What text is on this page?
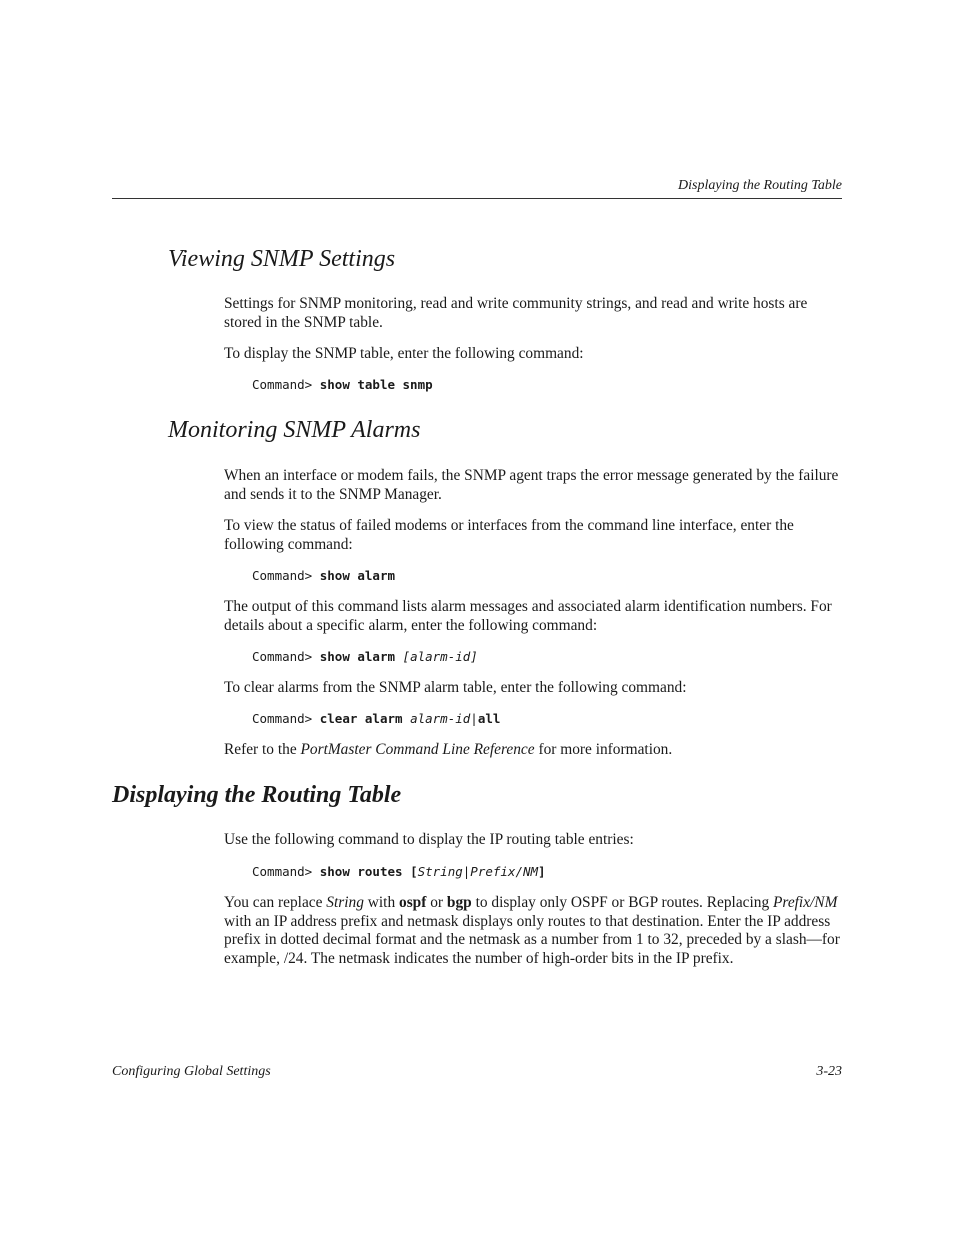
Displaying the Routing Table
Viewing SNMP Settings

Settings for SNMP monitoring, read and write community strings, and read and write hosts are stored in the SNMP table.

To display the SNMP table, enter the following command:

Command> show table snmp
Monitoring SNMP Alarms

When an interface or modem fails, the SNMP agent traps the error message generated by the failure and sends it to the SNMP Manager.

To view the status of failed modems or interfaces from the command line interface, enter the following command:

Command> show alarm

The output of this command lists alarm messages and associated alarm identification numbers. For details about a specific alarm, enter the following command:

Command> show alarm [alarm-id]

To clear alarms from the SNMP alarm table, enter the following command:

Command> clear alarm alarm-id|all

Refer to the PortMaster Command Line Reference for more information.

Displaying the Routing Table

Use the following command to display the IP routing table entries:

Command> show routes [String|Prefix/NM]

You can replace String with ospf or bgp to display only OSPF or BGP routes. Replacing Prefix/NM with an IP address prefix and netmask displays only routes to that destination. Enter the IP address prefix in dotted decimal format and the netmask as a number from 1 to 32, preceded by a slash—for example, /24. The netmask indicates the number of high-order bits in the IP prefix.

Configuring Global Settings	3-23
